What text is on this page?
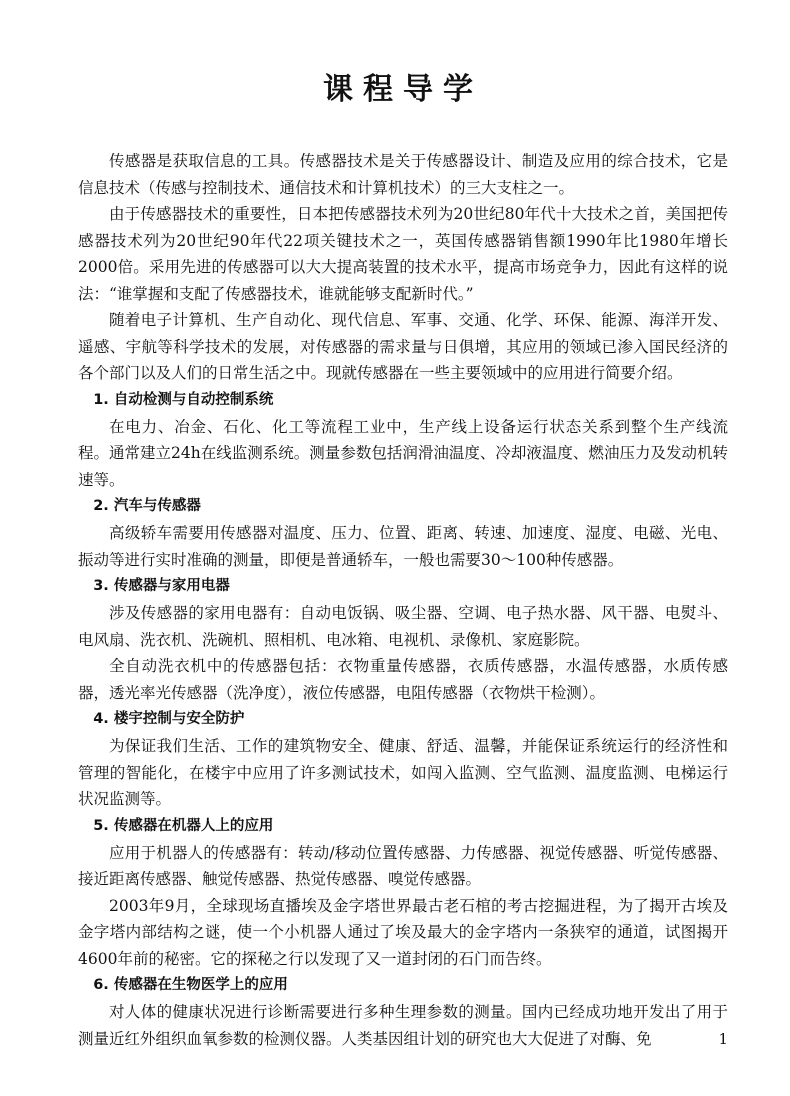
课程导学

传感器是获取信息的工具。传感器技术是关于传感器设计、制造及应用的综合技术，它是信息技术（传感与控制技术、通信技术和计算机技术）的三大支柱之一。

由于传感器技术的重要性，日本把传感器技术列为20世纪80年代十大技术之首，美国把传感器技术列为20世纪90年代22项关键技术之一，英国传感器销售额1990年比1980年增长2000倍。采用先进的传感器可以大大提高装置的技术水平，提高市场竞争力，因此有这样的说法：“谁掌握和支配了传感器技术，谁就能够支配新时代。”

随着电子计算机、生产自动化、现代信息、军事、交通、化学、环保、能源、海洋开发、遥感、宇航等科学技术的发展，对传感器的需求量与日俱增，其应用的领域已渗入国民经济的各个部门以及人们的日常生活之中。现就传感器在一些主要领域中的应用进行简要介绍。

1. 自动检测与自动控制系统

在电力、冶金、石化、化工等流程工业中，生产线上设备运行状态关系到整个生产线流程。通常建立24h在线监测系统。测量参数包括润滑油温度、冷却液温度、燃油压力及发动机转速等。

2. 汽车与传感器

高级轿车需要用传感器对温度、压力、位置、距离、转速、加速度、湿度、电磁、光电、振动等进行实时准确的测量，即便是普通轿车，一般也需要30～100种传感器。

3. 传感器与家用电器

涉及传感器的家用电器有：自动电饭锅、吸尘器、空调、电子热水器、风干器、电熨斗、电风扇、洗衣机、洗碗机、照相机、电冰箱、电视机、录像机、家庭影院。

全自动洗衣机中的传感器包括：衣物重量传感器，衣质传感器，水温传感器，水质传感器，透光率光传感器（洗净度），液位传感器，电阻传感器（衣物烘干检测）。

4. 楼宇控制与安全防护

为保证我们生活、工作的建筑物安全、健康、舒适、温馨，并能保证系统运行的经济性和管理的智能化，在楼宇中应用了许多测试技术，如闯入监测、空气监测、温度监测、电梯运行状况监测等。

5. 传感器在机器人上的应用

应用于机器人的传感器有：转动/移动位置传感器、力传感器、视觉传感器、听觉传感器、接近距离传感器、触觉传感器、热觉传感器、嗅觉传感器。

2003年9月，全球现场直播埃及金字塔世界最古老石棺的考古挖掘进程，为了揭开古埃及金字塔内部结构之谜，使一个小机器人通过了埃及最大的金字塔内一条狭窄的通道，试图揭开4600年前的秘密。它的探秘之行以发现了又一道封闭的石门而告终。

6. 传感器在生物医学上的应用

对人体的健康状况进行诊断需要进行多种生理参数的测量。国内已经成功地开发出了用于测量近红外组织血氧参数的检测仪器。人类基因组计划的研究也大大促进了对酶、免	1
